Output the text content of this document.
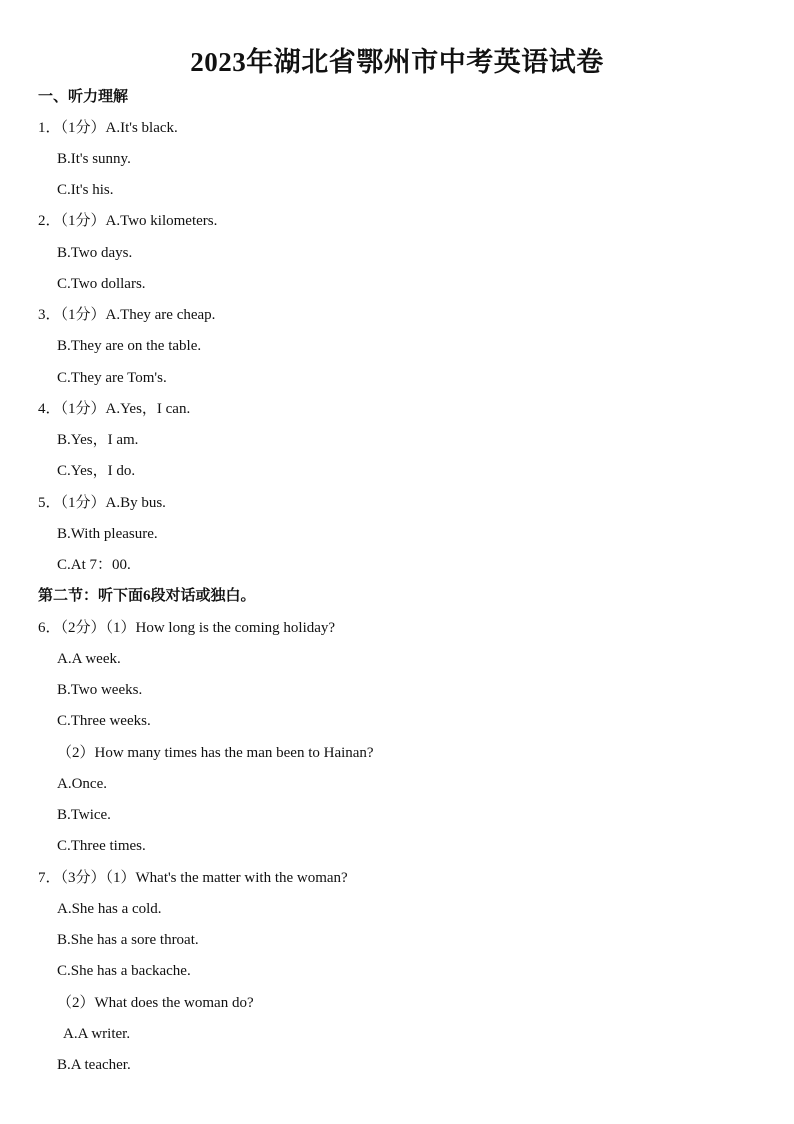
2023年湖北省鄂州市中考英语试卷
一、听力理解
1．（1分）A.It's black.
B.It's sunny.
C.It's his.
2．（1分）A.Two kilometers.
B.Two days.
C.Two dollars.
3．（1分）A.They are cheap.
B.They are on the table.
C.They are Tom's.
4．（1分）A.Yes，I can.
B.Yes，I am.
C.Yes，I do.
5．（1分）A.By bus.
B.With pleasure.
C.At 7：00.
第二节：听下面6段对话或独白。
6．（2分）（1）How long is the coming holiday?
A.A week.
B.Two weeks.
C.Three weeks.
（2）How many times has the man been to Hainan?
A.Once.
B.Twice.
C.Three times.
7．（3分）（1）What's the matter with the woman?
A.She has a cold.
B.She has a sore throat.
C.She has a backache.
（2）What does the woman do?
A.A writer.
B.A teacher.
